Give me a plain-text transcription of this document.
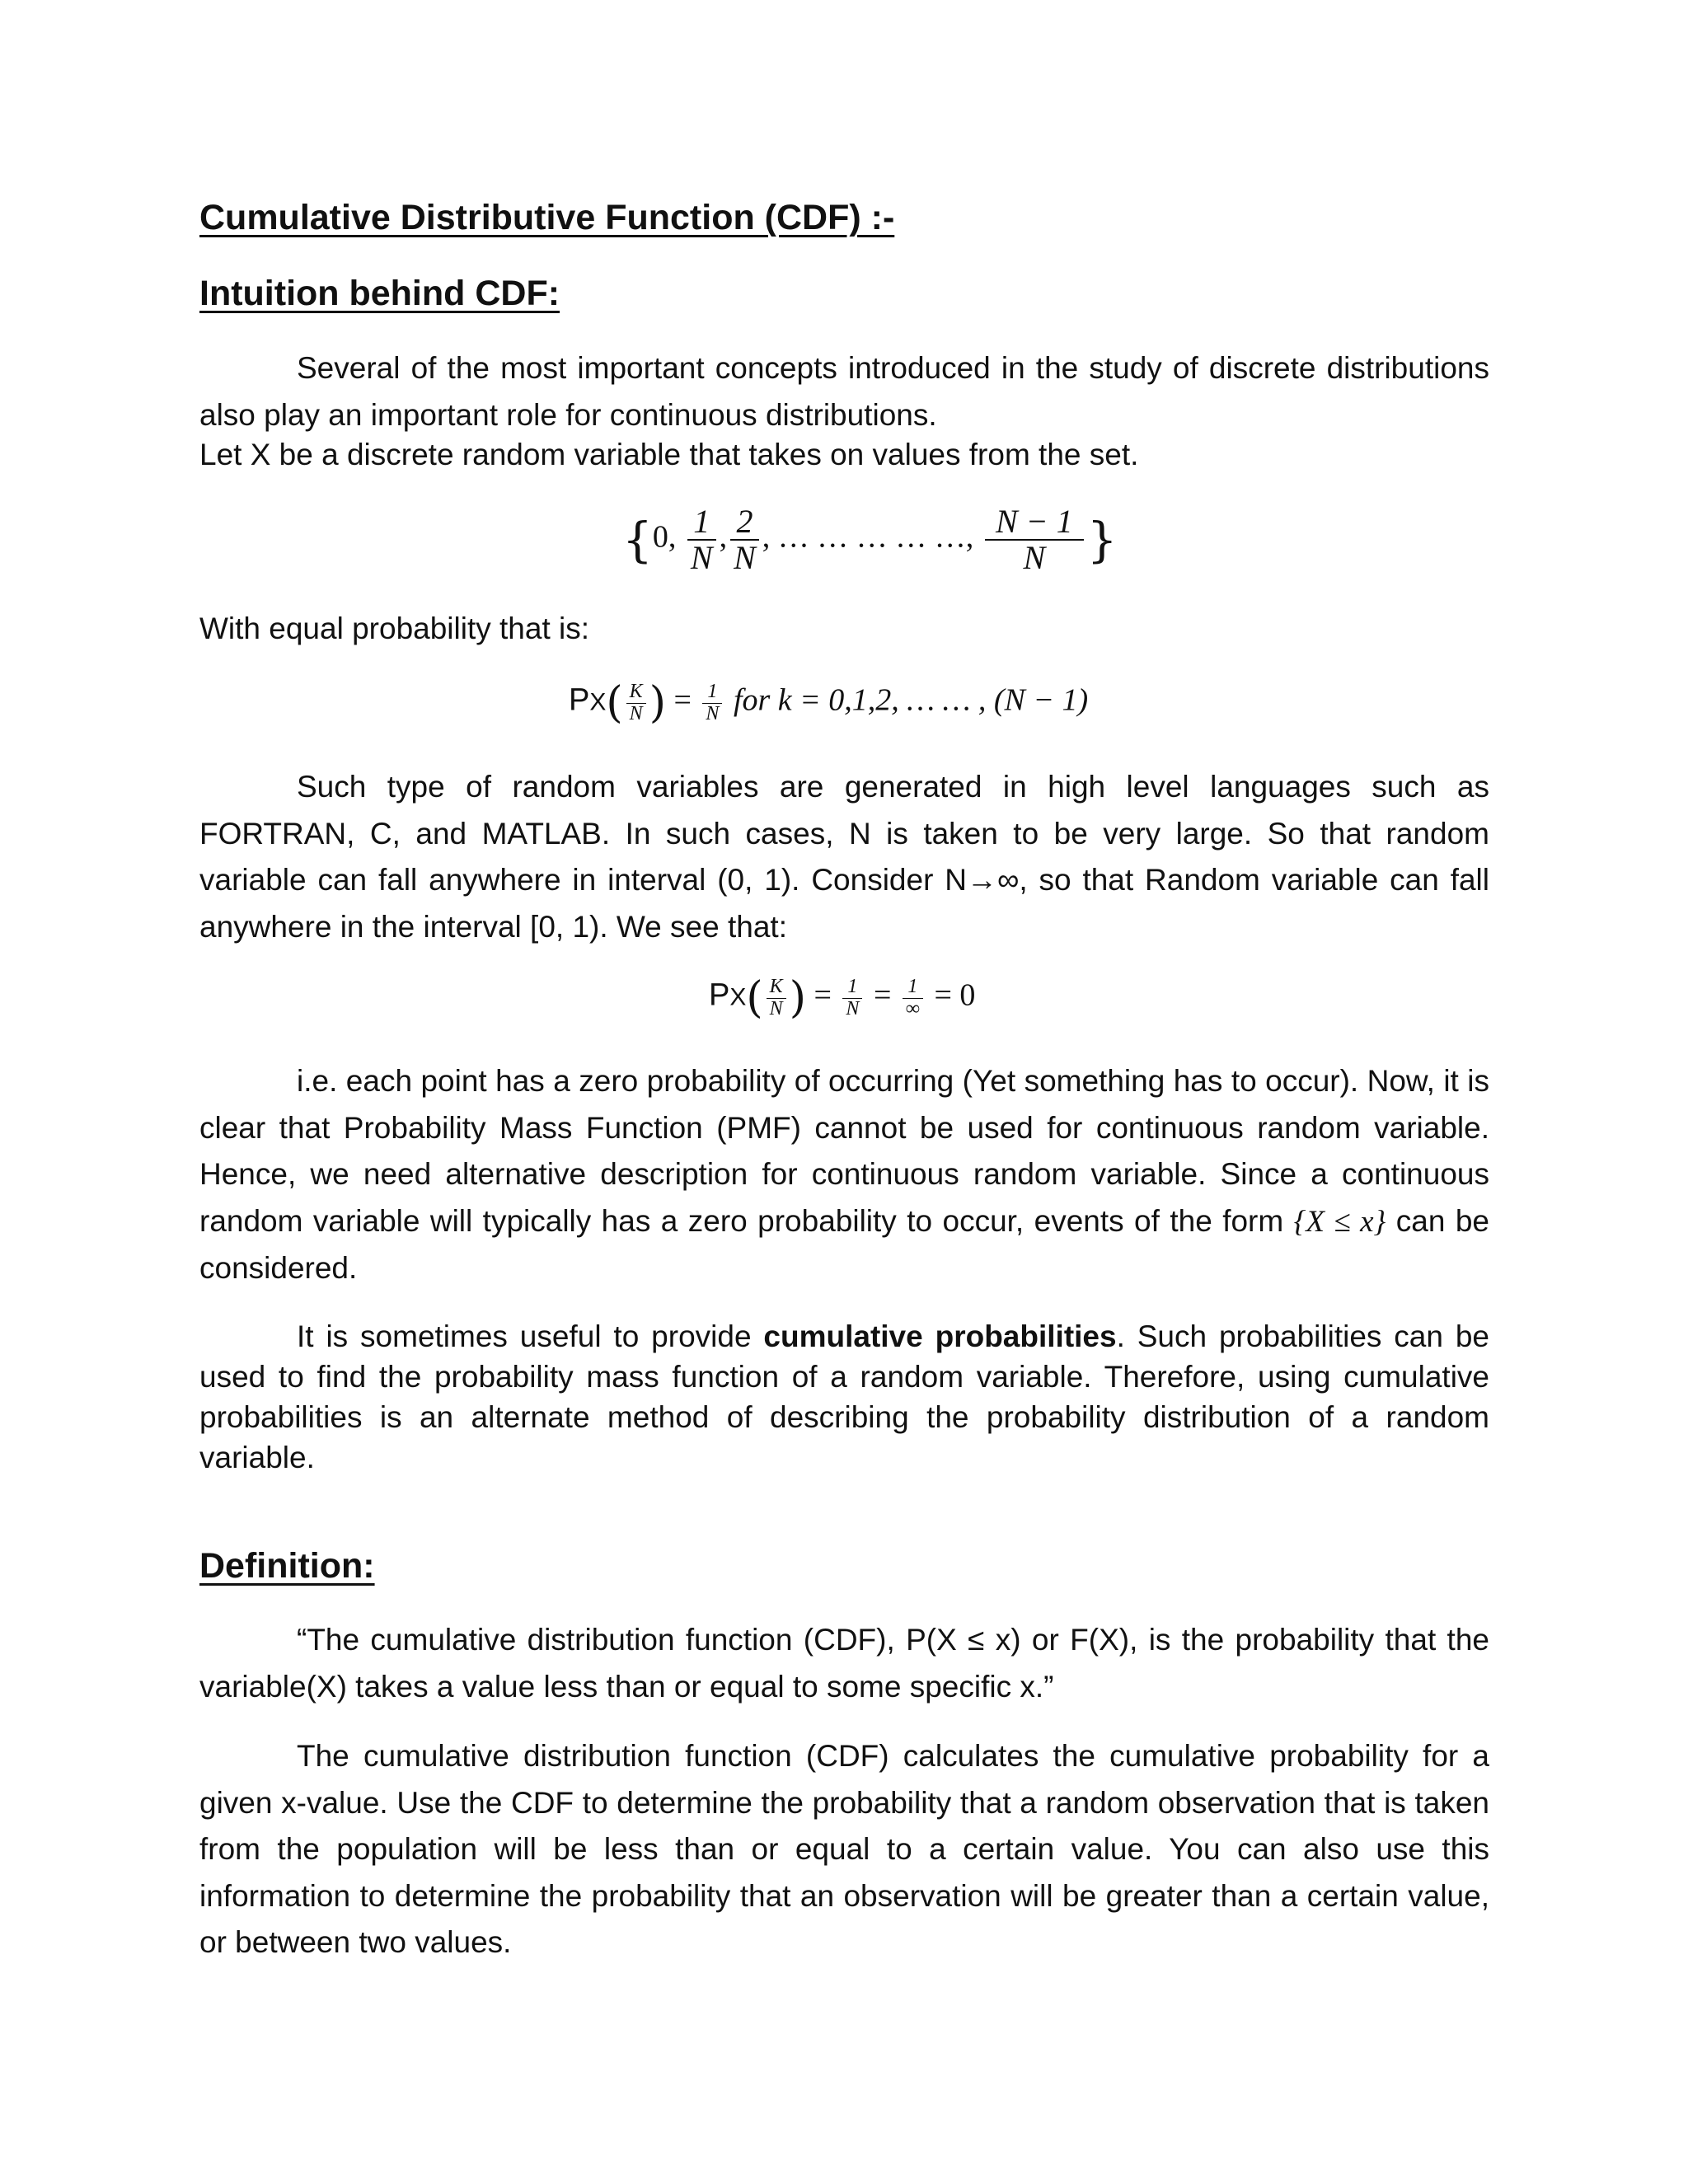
Cumulative Distributive Function (CDF) :-
Intuition behind CDF:

Several of the most important concepts introduced in the study of discrete distributions also play an important role for continuous distributions.

Let X be a discrete random variable that takes on values from the set.

{0, $\frac{1}{N}$ , $\frac{2}{N}$ , … … … … …, $\frac{N - 1}{N}$ }

With equal probability that is:

$PX( \frac{K}{N}$ ) = $\frac{1}{N}$ for k = 0,1,2, … … , (N − 1)

Such type of random variables are generated in high level languages such as FORTRAN, C, and MATLAB. In such cases, N is taken to be very large. So that random variable can fall anywhere in interval (0, 1). Consider N→∞, so that Random variable can fall anywhere in the interval [0, 1). We see that:

$PX( \frac{K}{N}$ ) = $\frac{1}{N} = \frac{1}{\infty} = 0$

i.e. each point has a zero probability of occurring (Yet something has to occur). Now, it is clear that Probability Mass Function (PMF) cannot be used for continuous random variable. Hence, we need alternative description for continuous random variable. Since a continuous random variable will typically has a zero probability to occur, events of the form {X ≤ x} can be considered.

It is sometimes useful to provide cumulative probabilities. Such probabilities can be used to find the probability mass function of a random variable. Therefore, using cumulative probabilities is an alternate method of describing the probability distribution of a random variable.

Definition:

“The cumulative distribution function (CDF), P(X ≤ x) or F(X), is the probability that the variable(X) takes a value less than or equal to some specific x.”

The cumulative distribution function (CDF) calculates the cumulative probability for a given x-value. Use the CDF to determine the probability that a random observation that is taken from the population will be less than or equal to a certain value. You can also use this information to determine the probability that an observation will be greater than a certain value, or between two values.
